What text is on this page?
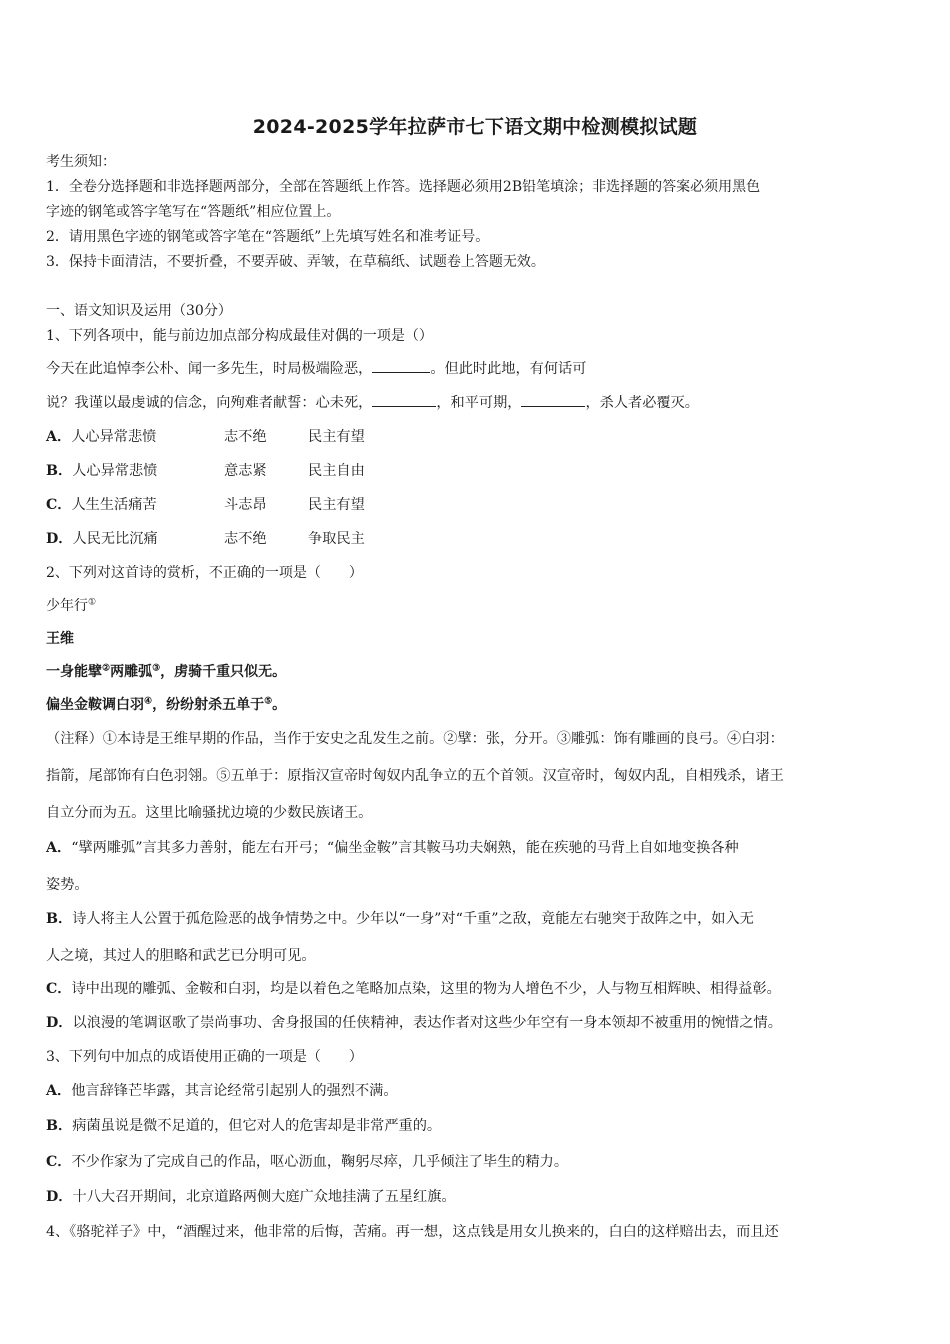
2024-2025学年拉萨市七下语文期中检测模拟试题
考生须知：
1．全卷分选择题和非选择题两部分，全部在答题纸上作答。选择题必须用2B铅笔填涂；非选择题的答案必须用黑色
字迹的钢笔或答字笔写在“答题纸”相应位置上。
2．请用黑色字迹的钢笔或答字笔在“答题纸”上先填写姓名和准考证号。
3．保持卡面清洁，不要折叠，不要弄破、弄皱，在草稿纸、试题卷上答题无效。
一、语文知识及运用（30分）
1、下列各项中，能与前边加点部分构成最佳对偶的一项是（）
今天在此追悼李公朴、闻一多先生，时局极端险恶，	。但此时此地，有何话可
说？我谨以最虔诚的信念，向殉难者献誓：心未死，	，和平可期，	，杀人者必覆灭。
A．人心异常悲愤	志不绝	民主有望
B．人心异常悲愤	意志紧	民主自由
C．人生生活痛苦	斗志昂	民主有望
D．人民无比沉痛	志不绝	争取民主
2、下列对这首诗的赏析，不正确的一项是（　　）
少年行①
王维
一身能擘②两雕弧③，虏骑千重只似无。
偏坐金鞍调白羽④，纷纷射杀五单于⑤。
（注释）①本诗是王维早期的作品，当作于安史之乱发生之前。②擘：张，分开。③雕弧：饰有雕画的良弓。④白羽：
指箭，尾部饰有白色羽翎。⑤五单于：原指汉宣帝时匈奴内乱争立的五个首领。汉宣帝时，匈奴内乱，自相残杀，诸王
自立分而为五。这里比喻骚扰边境的少数民族诸王。
A．“擘两雕弧”言其多力善射，能左右开弓；“偏坐金鞍”言其鞍马功夫娴熟，能在疾驰的马背上自如地变换各种
姿势。
B．诗人将主人公置于孤危险恶的战争情势之中。少年以“一身”对“千重”之敌，竟能左右驰突于敌阵之中，如入无
人之境，其过人的胆略和武艺已分明可见。
C．诗中出现的雕弧、金鞍和白羽，均是以着色之笔略加点染，这里的物为人增色不少，人与物互相辉映、相得益彰。
D．以浪漫的笔调讴歌了崇尚事功、舍身报国的任侠精神，表达作者对这些少年空有一身本领却不被重用的惋惜之情。
3、下列句中加点的成语使用正确的一项是（　　）
A．他言辞锋芒毕露，其言论经常引起别人的强烈不满。
B．病菌虽说是微不足道的，但它对人的危害却是非常严重的。
C．不少作家为了完成自己的作品，呕心沥血，鞠躬尽瘁，几乎倾注了毕生的精力。
D．十八大召开期间，北京道路两侧大庭广众地挂满了五星红旗。
4、《骆驼祥子》中，“酒醒过来，他非常的后悔，苦痛。再一想，这点钱是用女儿换来的，白白的这样赔出去，而且还
